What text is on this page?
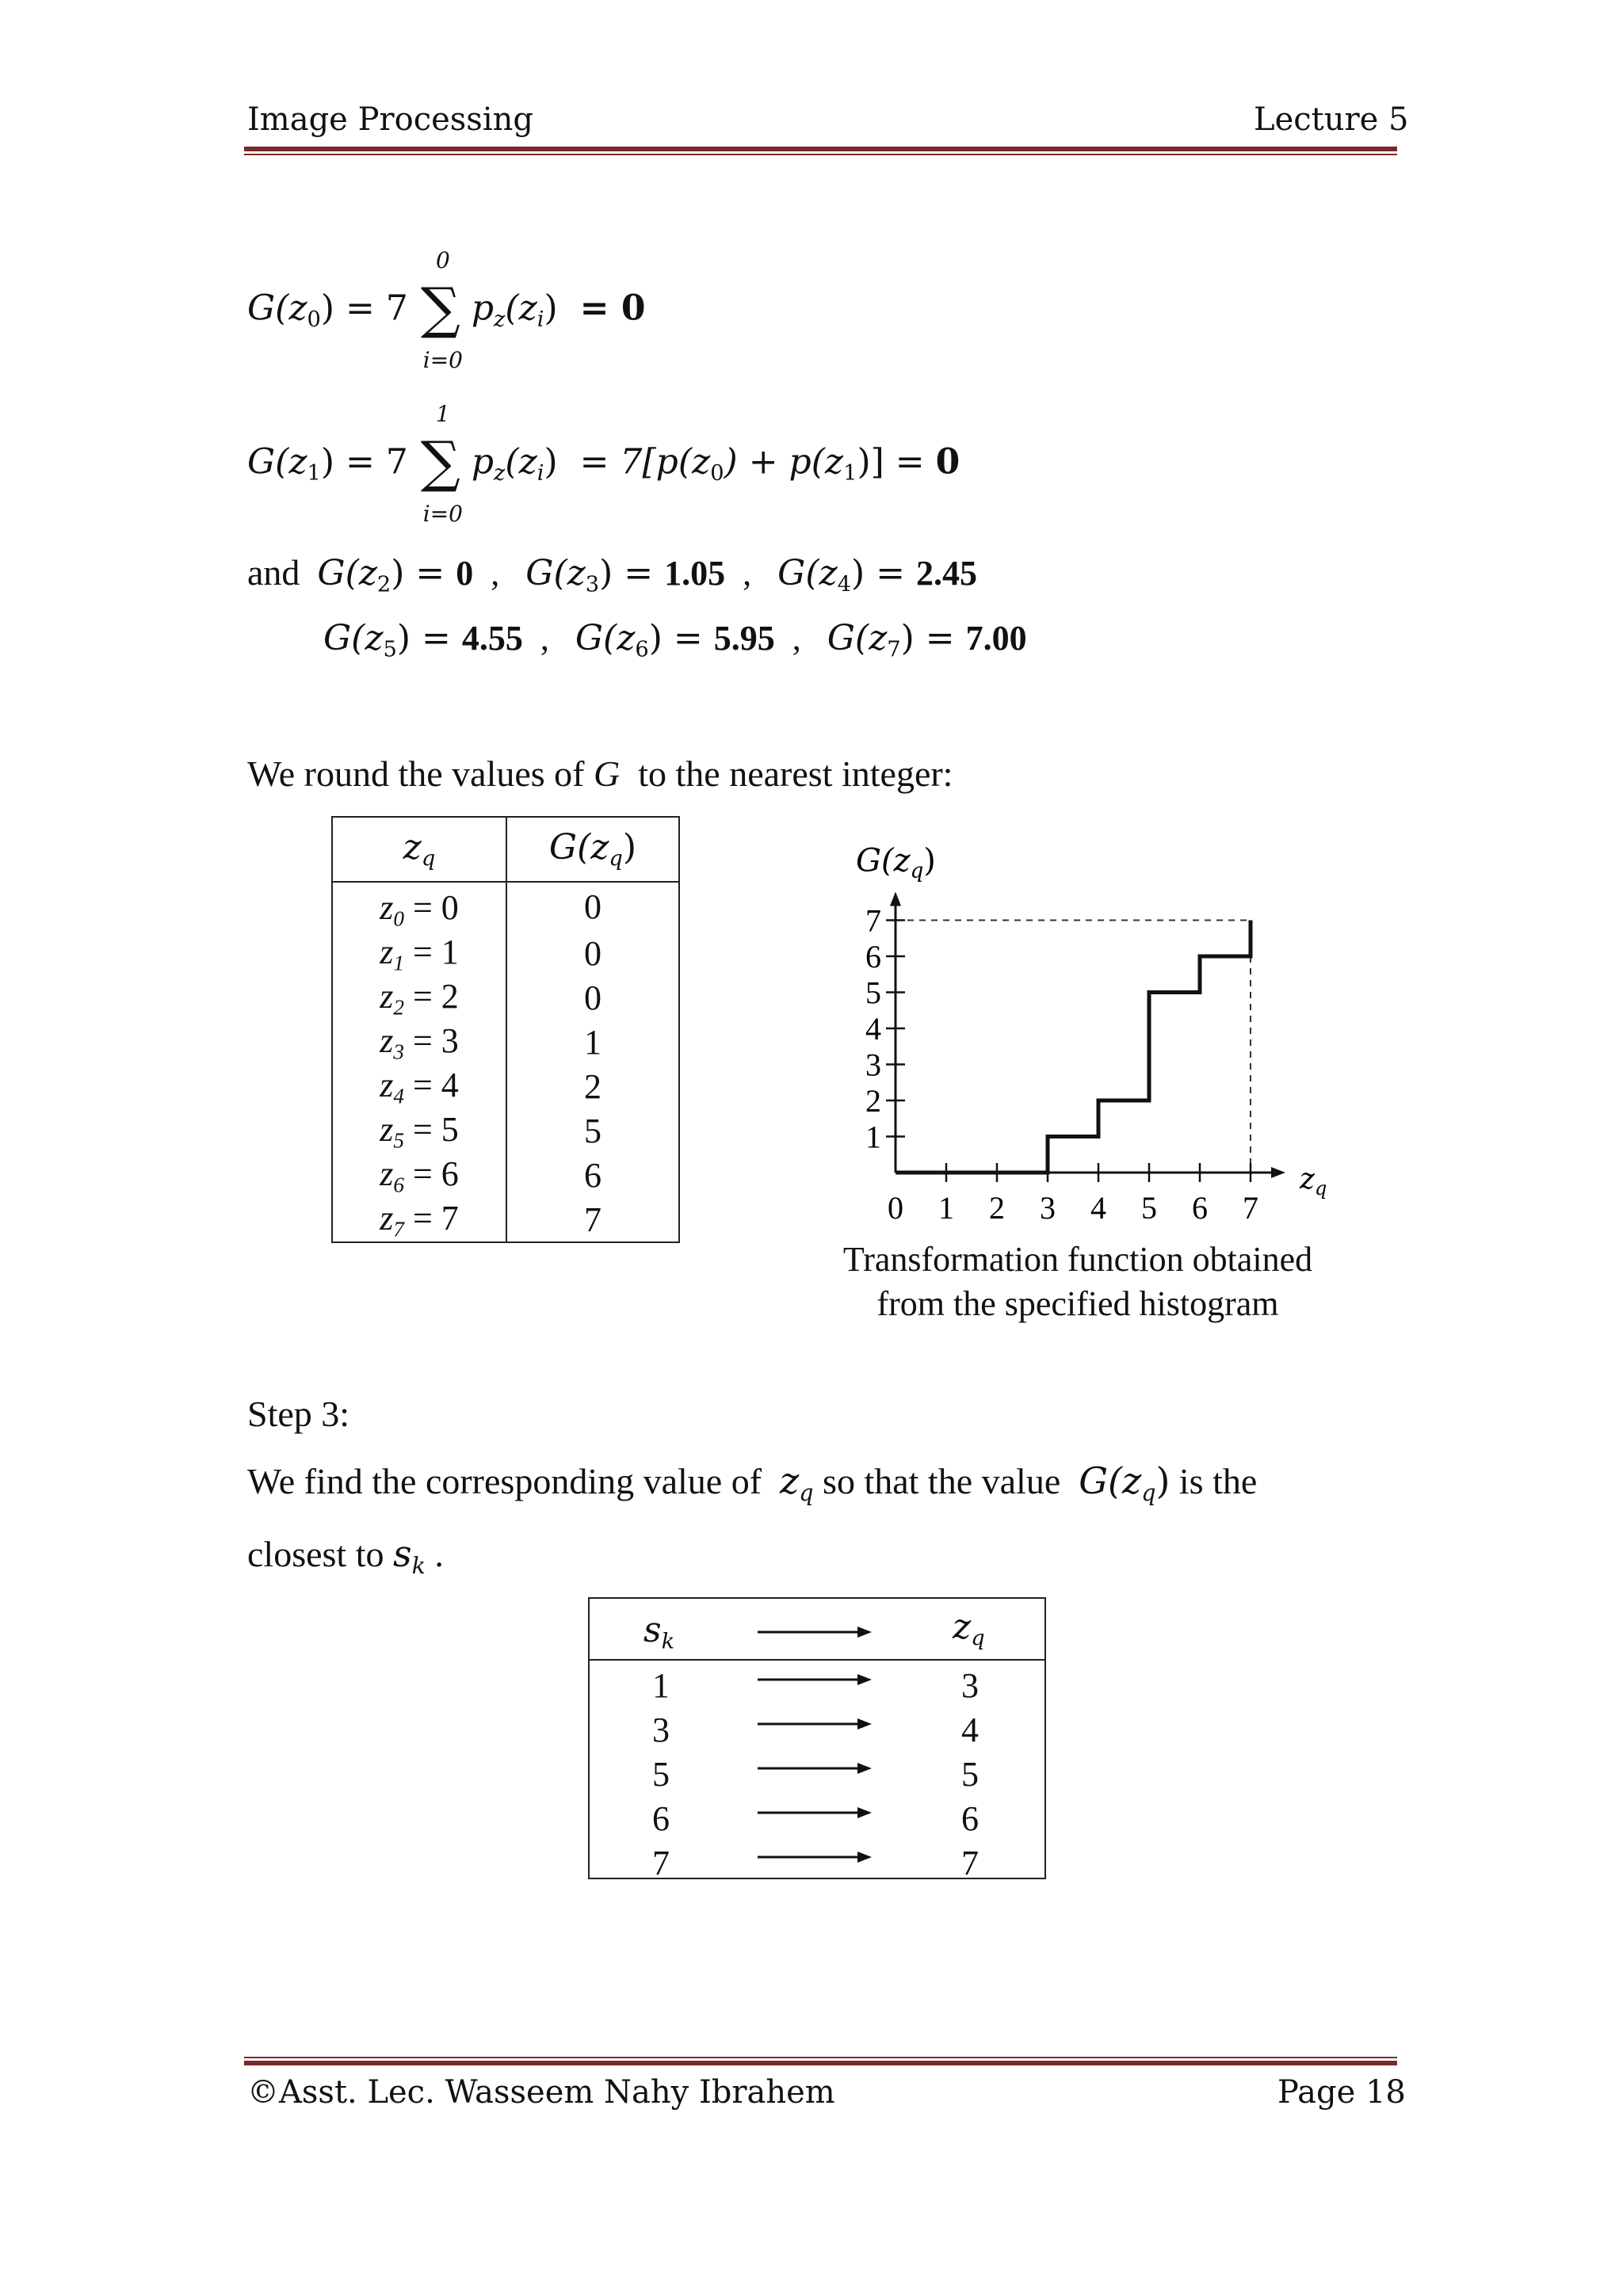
Image Processing	Lecture 5
$G(z_0) = 7$
0
∑
i=0
$p_z(z_i) = 0$
$G(z_1) = 7$
1
∑
i=0
$p_z(z_i) = 7[p(z_0) + p(z_1)] = 0$
and $G(z_2) = 0$  ,   $G(z_3) = 1.05$  ,   $G(z_4) = 2.45$
$G(z_5) = 4.55$  ,   $G(z_6) = 5.95$  ,   $G(z_7) = 7.00$
We round the values of G to the nearest integer:
$z_q$	$G(z_q)$
$z_0 = 0$	0
$z_1 = 1$	0
$z_2 = 2$	0
$z_3 = 3$	1
$z_4 = 4$	2
$z_5 = 5$	5
$z_6 = 6$	6
$z_7 = 7$	7
1
2
3
4
5
6
7
0 1 2 3 4 5 6 7
$G(z_q)$
$z_q$
Transformation function obtained
from the specified histogram
Step 3:
We find the corresponding value of $z_q$ so that the value $G(z_q)$ is the
closest to $s_k$ .
$s_k$	$z_q$
1	3
3	4
5	5
6	6
7	7
©Asst. Lec. Wasseem Nahy Ibrahem	Page 18
